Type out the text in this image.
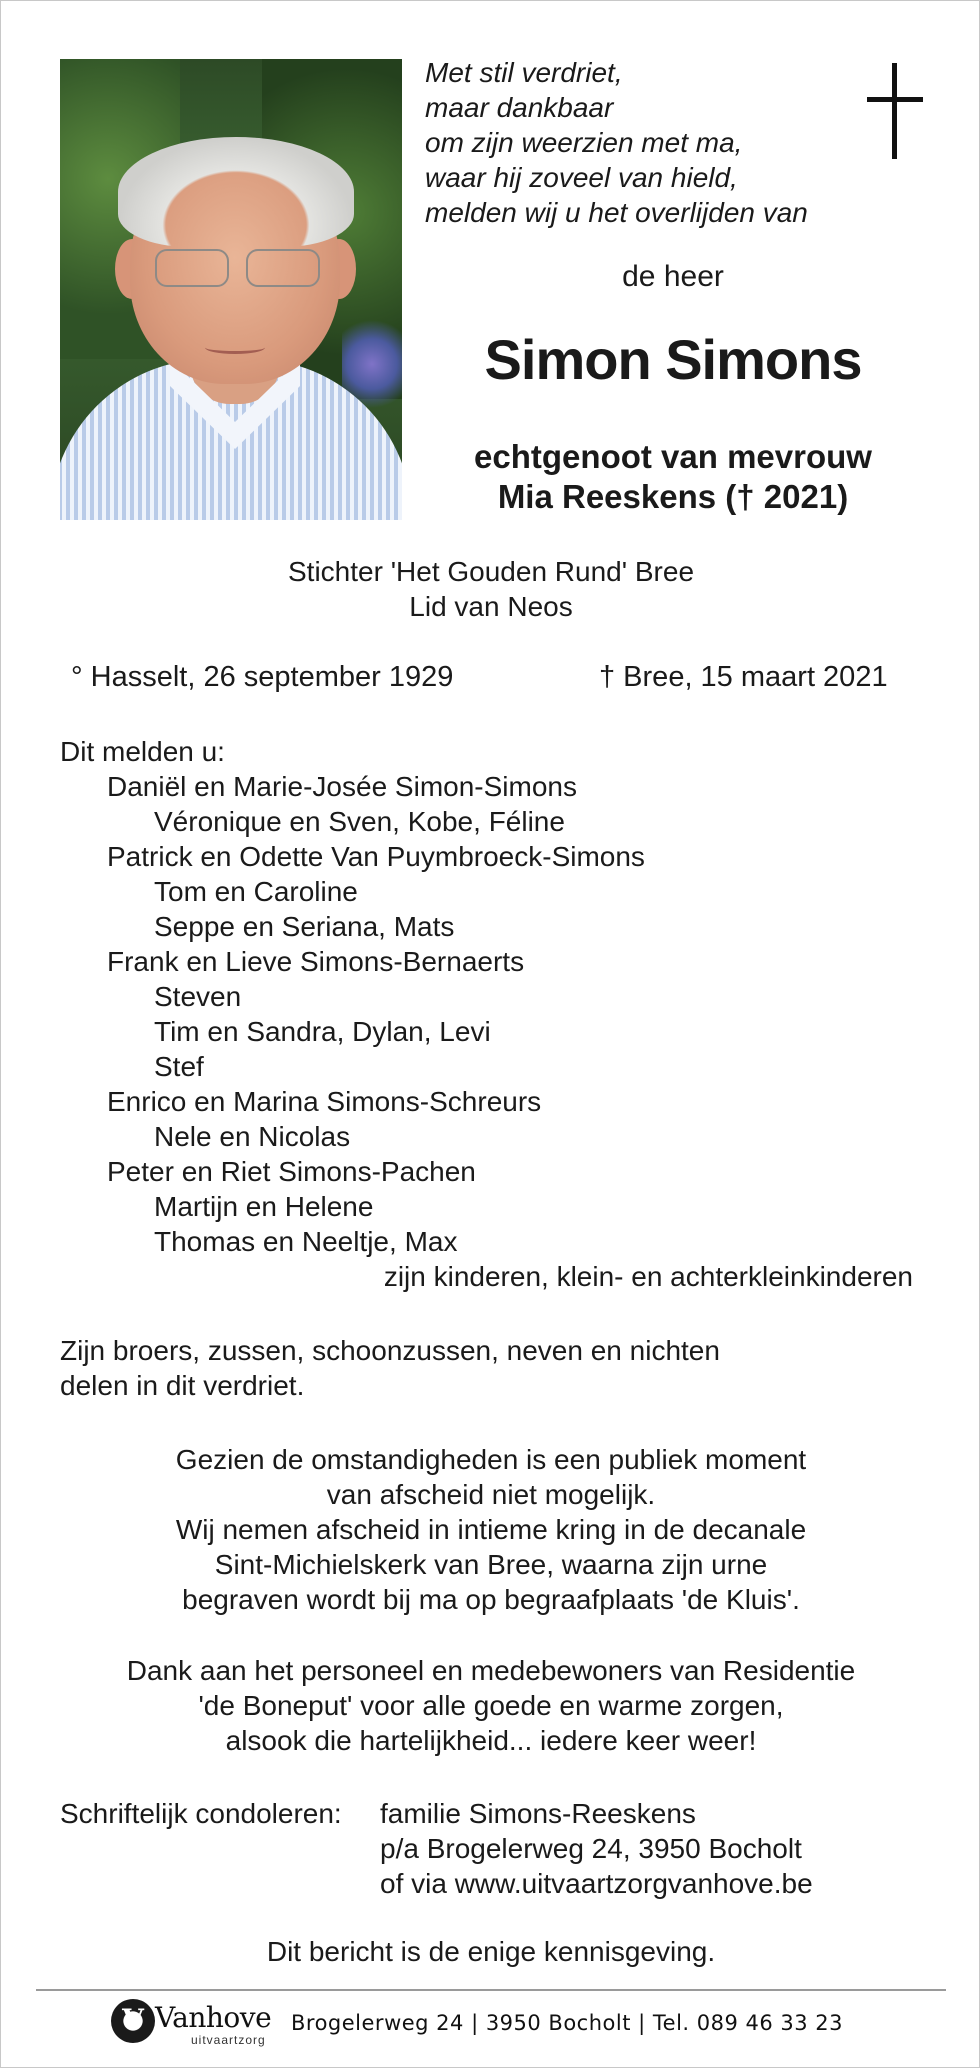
Met stil verdriet,
maar dankbaar
om zijn weerzien met ma,
waar hij zoveel van hield,
melden wij u het overlijden van
de heer
Simon Simons
echtgenoot van mevrouw
Mia Reeskens († 2021)
Stichter 'Het Gouden Rund' Bree
Lid van Neos
° Hasselt, 26 september 1929	† Bree, 15 maart 2021
Dit melden u:
Daniël en Marie-Josée Simon-Simons
Véronique en Sven, Kobe, Féline
Patrick en Odette Van Puymbroeck-Simons
Tom en Caroline
Seppe en Seriana, Mats
Frank en Lieve Simons-Bernaerts
Steven
Tim en Sandra, Dylan, Levi
Stef
Enrico en Marina Simons-Schreurs
Nele en Nicolas
Peter en Riet Simons-Pachen
Martijn en Helene
Thomas en Neeltje, Max
zijn kinderen, klein- en achterkleinkinderen
Zijn broers, zussen, schoonzussen, neven en nichten
delen in dit verdriet.
Gezien de omstandigheden is een publiek moment
van afscheid niet mogelijk.
Wij nemen afscheid in intieme kring in de decanale
Sint-Michielskerk van Bree, waarna zijn urne
begraven wordt bij ma op begraafplaats 'de Kluis'.
Dank aan het personeel en medebewoners van Residentie
'de Boneput' voor alle goede en warme zorgen,
alsook die hartelijkheid... iedere keer weer!
Schriftelijk condoleren: familie Simons-Reeskens
p/a Brogelerweg 24, 3950 Bocholt
of via www.uitvaartzorgvanhove.be
Dit bericht is de enige kennisgeving.
V Vanhove
uitvaartzorg
Brogelerweg 24 | 3950 Bocholt | Tel. 089 46 33 23
